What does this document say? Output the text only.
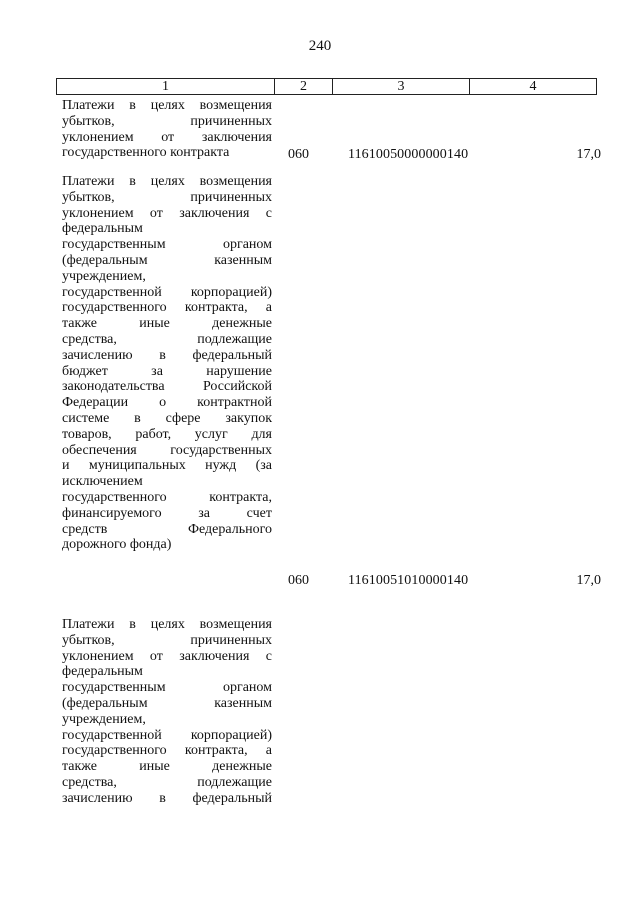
240
1	2	3	4
Платежи в целях возмещения
убытков, причиненных
уклонением от заключения
государственного контракта	060	11610050000000140	17,0
Платежи в целях возмещения
убытков, причиненных
уклонением от заключения с
федеральным
государственным органом
(федеральным казенным
учреждением,
государственной корпорацией)
государственного контракта, а
также иные денежные
средства, подлежащие
зачислению в федеральный
бюджет за нарушение
законодательства Российской
Федерации о контрактной
системе в сфере закупок
товаров, работ, услуг для
обеспечения государственных
и муниципальных нужд (за
исключением
государственного контракта,
финансируемого за счет
средств Федерального
дорожного фонда)
060	11610051010000140	17,0
Платежи в целях возмещения
убытков, причиненных
уклонением от заключения с
федеральным
государственным органом
(федеральным казенным
учреждением,
государственной корпорацией)
государственного контракта, а
также иные денежные
средства, подлежащие
зачислению в федеральный
